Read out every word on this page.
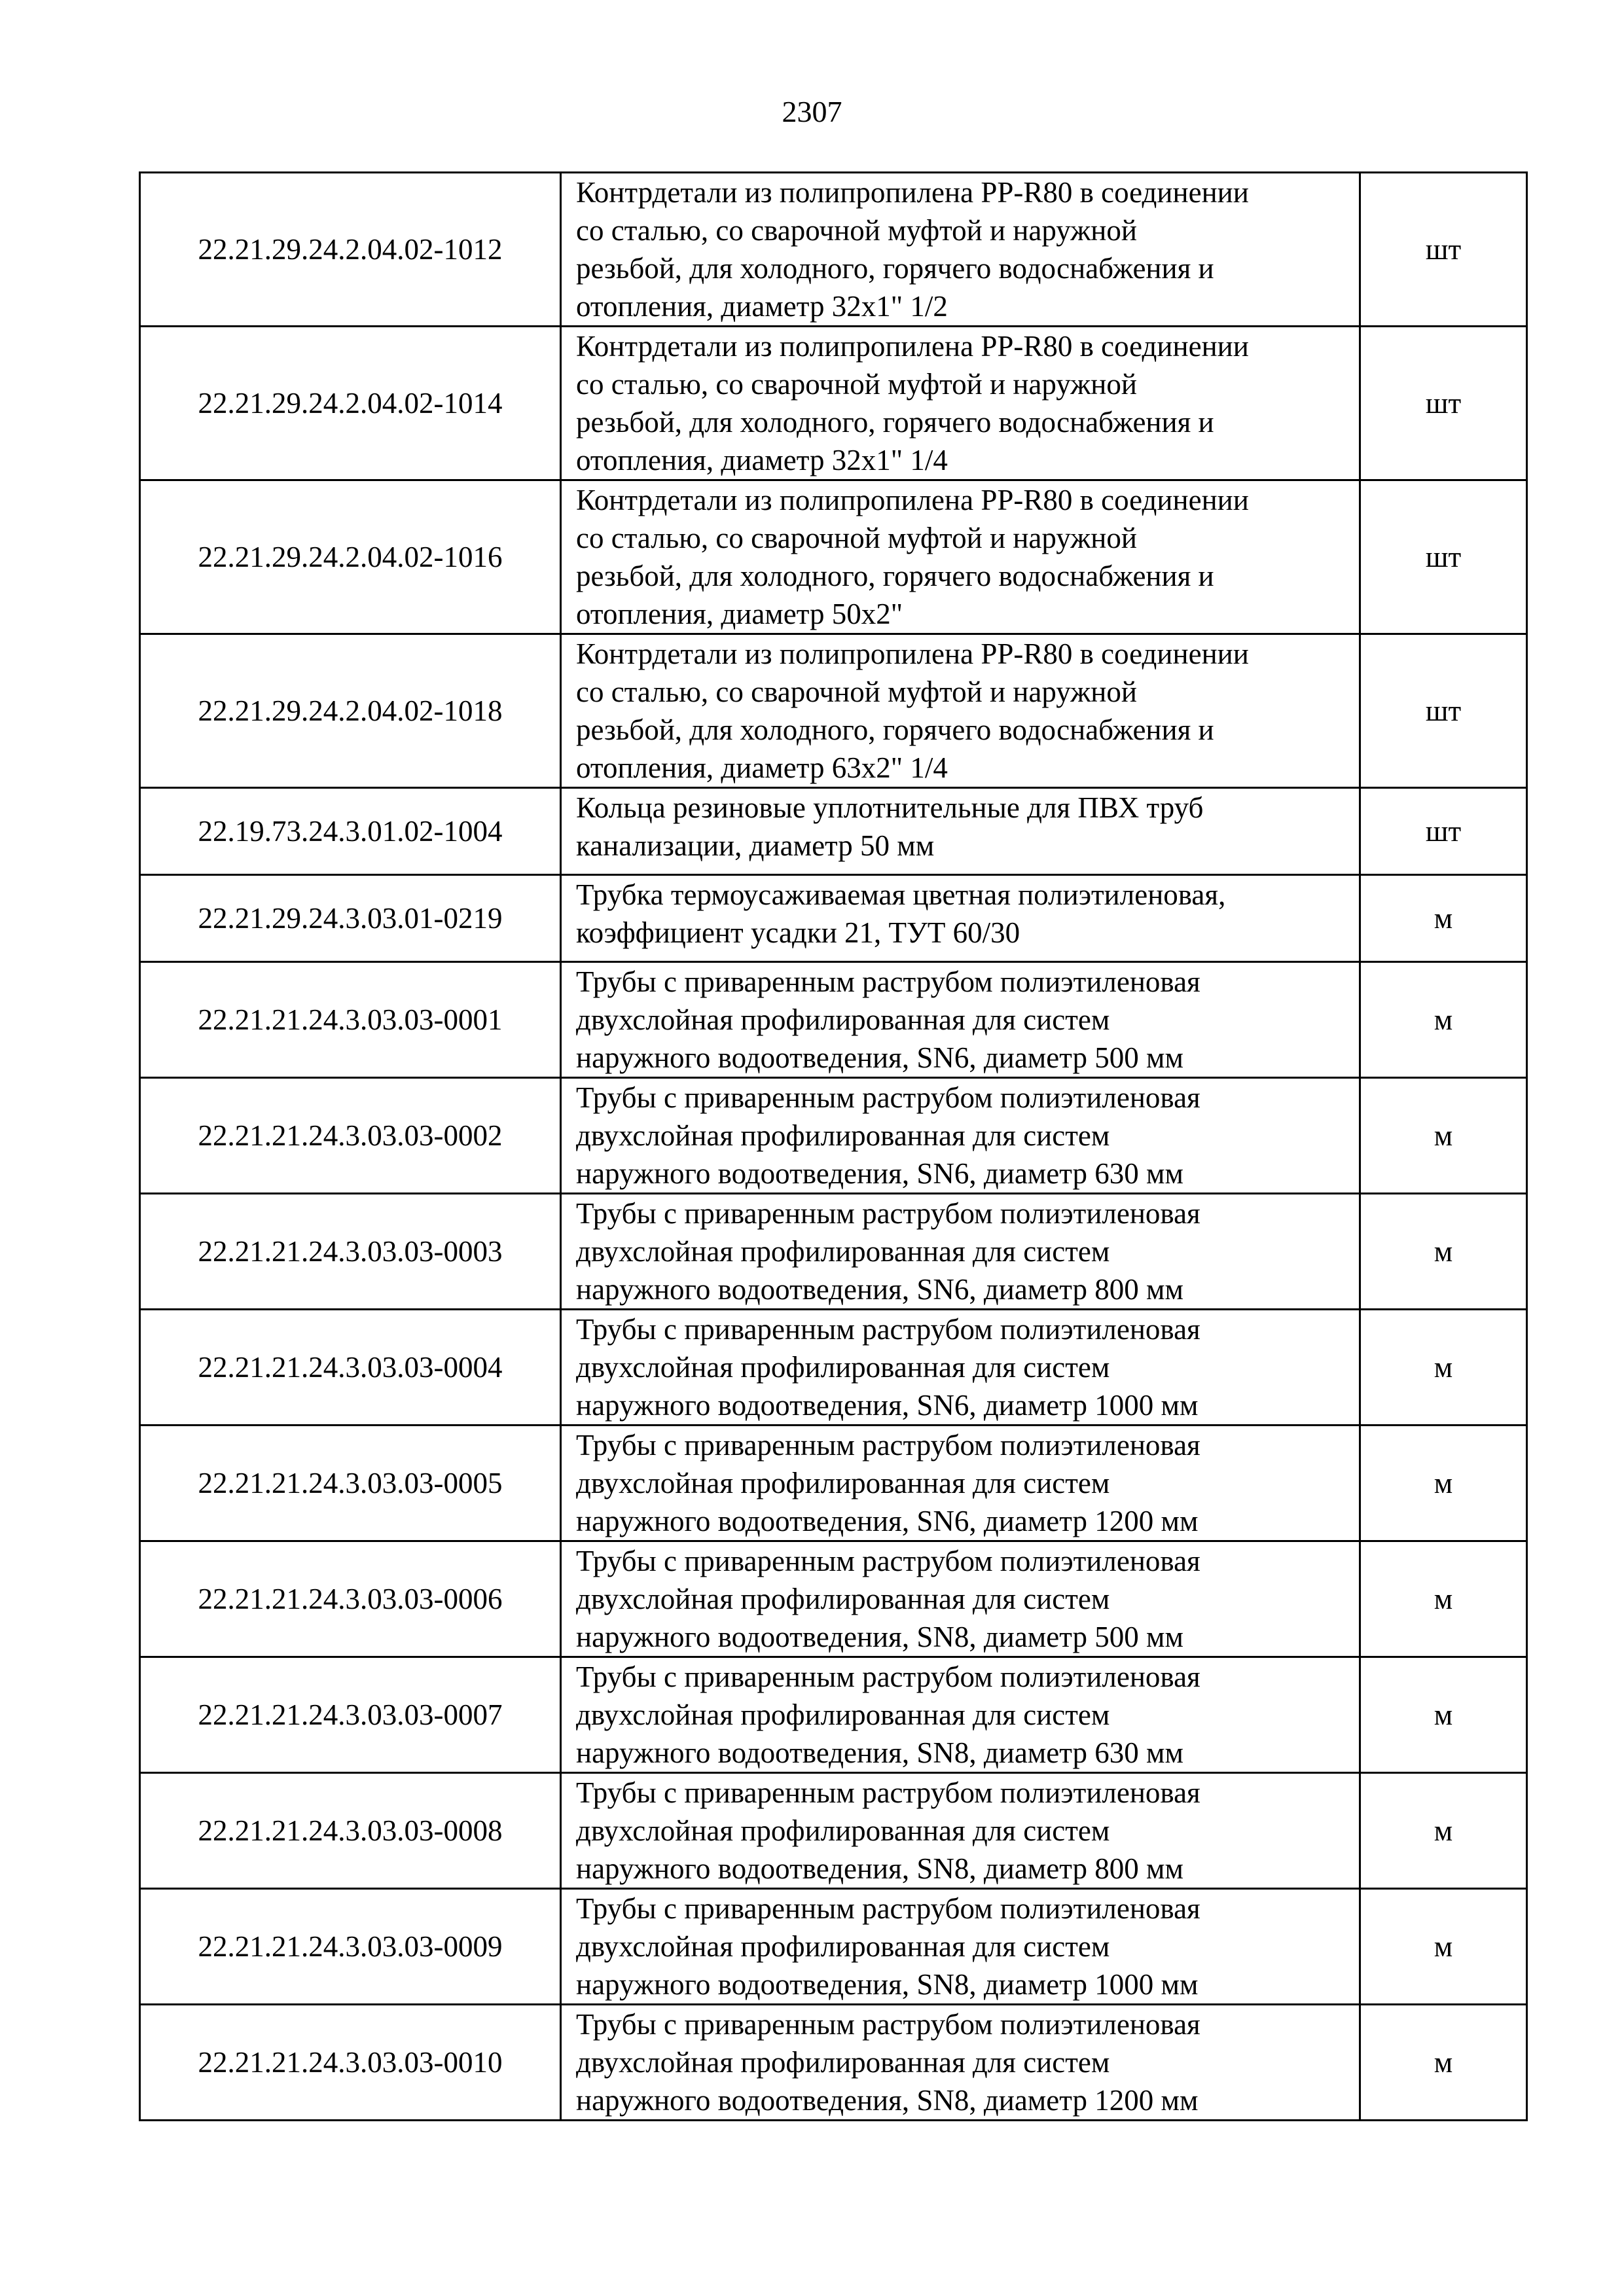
2307
22.21.29.24.2.04.02-1012	Контрдетали из полипропилена PP-R80 в соединении
со сталью, со сварочной муфтой и наружной
резьбой, для холодного, горячего водоснабжения и
отопления, диаметр 32х1" 1/2	шт
22.21.29.24.2.04.02-1014	Контрдетали из полипропилена PP-R80 в соединении
со сталью, со сварочной муфтой и наружной
резьбой, для холодного, горячего водоснабжения и
отопления, диаметр 32х1" 1/4	шт
22.21.29.24.2.04.02-1016	Контрдетали из полипропилена PP-R80 в соединении
со сталью, со сварочной муфтой и наружной
резьбой, для холодного, горячего водоснабжения и
отопления, диаметр 50х2"	шт
22.21.29.24.2.04.02-1018	Контрдетали из полипропилена PP-R80 в соединении
со сталью, со сварочной муфтой и наружной
резьбой, для холодного, горячего водоснабжения и
отопления, диаметр 63х2" 1/4	шт
22.19.73.24.3.01.02-1004	Кольца резиновые уплотнительные для ПВХ труб
канализации, диаметр 50 мм	шт
22.21.29.24.3.03.01-0219	Трубка термоусаживаемая цветная полиэтиленовая,
коэффициент усадки 21, ТУТ 60/30	м
22.21.21.24.3.03.03-0001	Трубы с приваренным раструбом полиэтиленовая
двухслойная профилированная для систем
наружного водоотведения, SN6, диаметр 500 мм	м
22.21.21.24.3.03.03-0002	Трубы с приваренным раструбом полиэтиленовая
двухслойная профилированная для систем
наружного водоотведения, SN6, диаметр 630 мм	м
22.21.21.24.3.03.03-0003	Трубы с приваренным раструбом полиэтиленовая
двухслойная профилированная для систем
наружного водоотведения, SN6, диаметр 800 мм	м
22.21.21.24.3.03.03-0004	Трубы с приваренным раструбом полиэтиленовая
двухслойная профилированная для систем
наружного водоотведения, SN6, диаметр 1000 мм	м
22.21.21.24.3.03.03-0005	Трубы с приваренным раструбом полиэтиленовая
двухслойная профилированная для систем
наружного водоотведения, SN6, диаметр 1200 мм	м
22.21.21.24.3.03.03-0006	Трубы с приваренным раструбом полиэтиленовая
двухслойная профилированная для систем
наружного водоотведения, SN8, диаметр 500 мм	м
22.21.21.24.3.03.03-0007	Трубы с приваренным раструбом полиэтиленовая
двухслойная профилированная для систем
наружного водоотведения, SN8, диаметр 630 мм	м
22.21.21.24.3.03.03-0008	Трубы с приваренным раструбом полиэтиленовая
двухслойная профилированная для систем
наружного водоотведения, SN8, диаметр 800 мм	м
22.21.21.24.3.03.03-0009	Трубы с приваренным раструбом полиэтиленовая
двухслойная профилированная для систем
наружного водоотведения, SN8, диаметр 1000 мм	м
22.21.21.24.3.03.03-0010	Трубы с приваренным раструбом полиэтиленовая
двухслойная профилированная для систем
наружного водоотведения, SN8, диаметр 1200 мм	м
